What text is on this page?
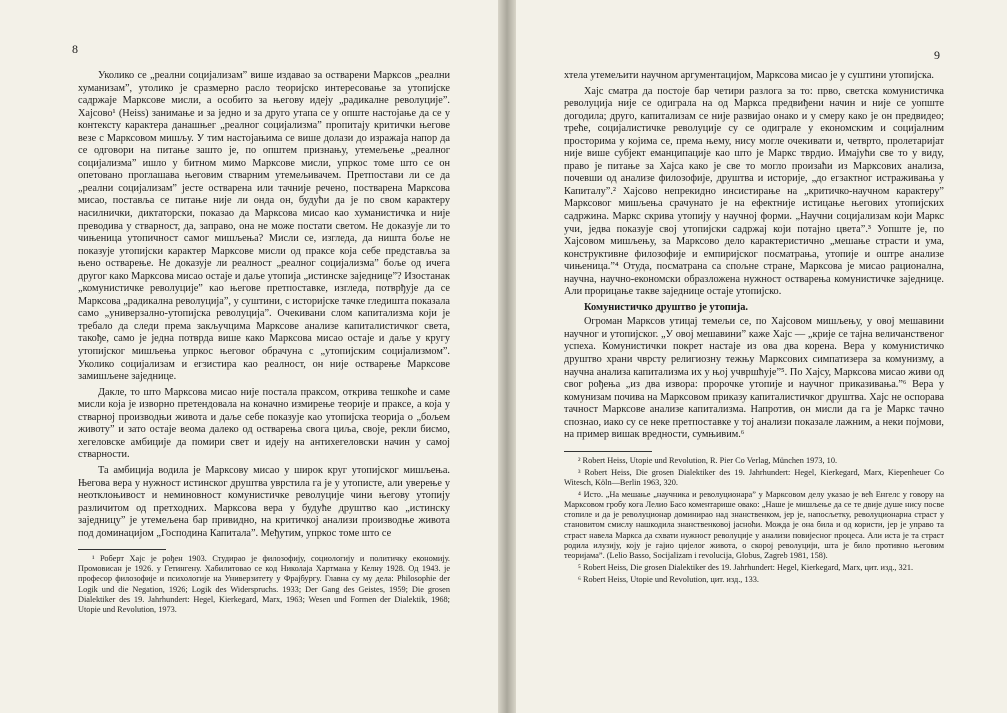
8

Уколико се „реални социјализам” више издавао за остварени Марксов „реални хуманизам”, утолико је сразмерно расло теоријско интересовање за утопијске садржаје Марксове мисли, а особито за његову идеју „радикалне револуције”. Хајсово¹ (Heiss) занимање и за једно и за друго утапа се у опште настојање да се у контексту карактера данашњег „реалног социјализма” пропитају критички његове везе с Марксовом мишљу. У тим настојањима се више долази до изражаја напор да се одговори на питање зашто је, по општем признању, утемељење „реалног социјализма” ишло у битном мимо Марксове мисли, упркос томе што се он опетовано проглашава његовим стварним утемељивачем. Претпостави ли се да „реални социјализам” јесте остварена или тачније речено, постварена Марксова мисао, поставља се питање није ли онда он, будући да је по свом карактеру насилнички, диктаторски, показао да Марксова мисао као хуманистичка и није преводива у стварност, да, заправо, она не може постати светом. Не доказује ли то чињеница утопичност самог мишљења? Мисли се, изгледа, да ништа боље не показује утопијски карактер Марксове мисли од праксе која себе представља за њено остварење. Не доказује ли реалност „реалног социјализма” боље од ичега другог како Марксова мисао остаје и даље утопија „истинске заједнице”? Изостанак „комунистичке револуције” као његове претпоставке, изгледа, потврђује да се Марксова „радикална револуција”, у суштини, с историјске тачке гледишта показала само „универзално-утопијска револуција”. Очекивани слом капитализма који је требало да следи према закључцима Марксове анализе капиталистичког света, такође, само је једна потврда више како Марксова мисао остаје и даље у кругу утопијског мишљења упркос његовог обрачуна с „утопијским социјализмом”. Уколико социјализам и егзистира као реалност, он није остварење Марксове замишљене заједнице.

Дакле, то што Марксова мисао није постала праксом, открива тешкоће и саме мисли која је изворно претендовала на коначно измирење теорије и праксе, а која у стварној производњи живота и даље себе показује као утопијска теорија о „бољем животу” и зато остаје веома далеко од остварења свога циља, своје, рекли бисмо, хегеловске амбиције да помири свет и идеју на антихегеловски начин у самој стварности.

Та амбиција водила је Марксову мисао у широк круг утопијског мишљења. Његова вера у нужност истинског друштва уврстила га је у утописте, али уверење у неотклоњивост и неминовност комунистичке револуције чини његову утопију различитом од претходних. Марксова вера у будуће друштво као „истинску заједницу” је утемељена бар привидно, на критичкој анализи производње живота под доминацијом „Господина Капитала”. Међутим, упркос томе што се

¹ Роберт Хајс је рођен 1903. Студирао је филозофију, социологију и политичку економију. Промовисан је 1926. у Гетингену. Хабилитовао се код Николаја Хартмана у Келну 1928. Од 1943. је професор филозофије и психологије на Универзитету у Фрајбургу. Главна су му дела: Philosophie der Logik und die Negation, 1926; Logik des Widerspruchs. 1933; Der Gang des Geistes, 1959; Die grosen Dialektiker des 19. Jahrhundert: Hegel, Kierkegard, Marx, 1963; Wesen und Formen der Dialektik, 1968; Utopie und Revolution, 1973.

9

хтела утемељити научном аргументацијом, Марксова мисао је у суштини утопијска.

Хајс сматра да постоје бар четири разлога за то: прво, светска комунистичка револуција није се одиграла на од Маркса предвиђени начин и није се уопште догодила; друго, капитализам се није развијао онако и у смеру како је он предвидео; треће, социјалистичке револуције су се одиграле у економским и социјалним просторима у којима се, према њему, нису могле очекивати и, четврто, пролетаријат није више субјект еманципације као што је Маркс тврдио. Имајући све то у виду, право је питање за Хајса како је све то могло произаћи из Марксових анализа, почевши од анализе филозофије, друштва и историје, „до егзактног истраживања у Капиталу”.² Хајсово непрекидно инсистирање на „критичко-научном карактеру” Марксовог мишљења срачунато је на ефектније истицање његових утопијских садржина. Маркс скрива утопију у научној форми. „Научни социјализам који Маркс учи, једва показује свој утопијски садржај који потајно цвета”.³ Уопште је, по Хајсовом мишљењу, за Марксово дело карактеристично „мешање страсти и ума, конструктивне филозофије и емпиријског посматрања, утопије и оштре анализе чињеница.”⁴ Отуда, посматрана са спољне стране, Марксова је мисао рационална, научна, научно-економски образложена нужност остварења комунистичке заједнице. Али прорицање такве заједнице остаје утопијско.

Комунистичко друштво је утопија.

Огроман Марксов утицај темељи се, по Хајсовом мишљењу, у овој мешавини научног и утопијског. „У овој мешавини” каже Хајс — „крије се тајна величанственог успеха. Комунистички покрет настаје из ова два корена. Вера у комунистичко друштво храни чврсту религиозну тежњу Марксових симпатизера за комунизму, а научна анализа капитализма их у њој учвршћује”⁵. По Хајсу, Марксова мисао живи од свог рођења „из два извора: пророчке утопије и научног приказивања.”⁶ Вера у комунизам почива на Марксовом приказу капиталистичког друштва. Хајс не оспорава тачност Марксове анализе капитализма. Напротив, он мисли да га је Маркс тачно спознао, иако су се неке претпоставке у тој анализи показале лажним, а неки појмови, на пример вишак вредности, сумњивим.⁶

² Robert Heiss, Utopie und Revolution, R. Pier Co Verlag, München 1973, 10.

³ Robert Heiss, Die grosen Dialektiker des 19. Jahrhundert: Hegel, Kierkegard, Marx, Kiepenheuer Co Witesch, Köln—Berlin 1963, 320.

⁴ Исто. „На мешање „научника и револуционара” у Марксовом делу указао је већ Енгелс у говору на Марксовом гробу кога Лелио Басо коментарише овако: „Наше је мишљење да се те двије душе нису посве стопиле и да је револуционар доминирао над знанственком, јер је, напосљетку, револуционарна страст у становитом смислу нашкодила знанственковој јасноћи. Можда је она била и од користи, јер је управо та страст навела Маркса да схвати нужност револуције у анализи повијесног процеса. Али иста је та страст родила илузију, коју је гајио цијелог живота, о скорој револуцији, шта је било противно његовим теоријама”. (Lelio Basso, Socijalizam i revolucija, Globus, Zagreb 1981, 158).

⁵ Robert Heiss, Die grosen Dialektiker des 19. Jahrhundert: Hegel, Kierkegard, Marx, цит. изд., 321.

⁶ Robert Heiss, Utopie und Revolution, цит. изд., 133.
